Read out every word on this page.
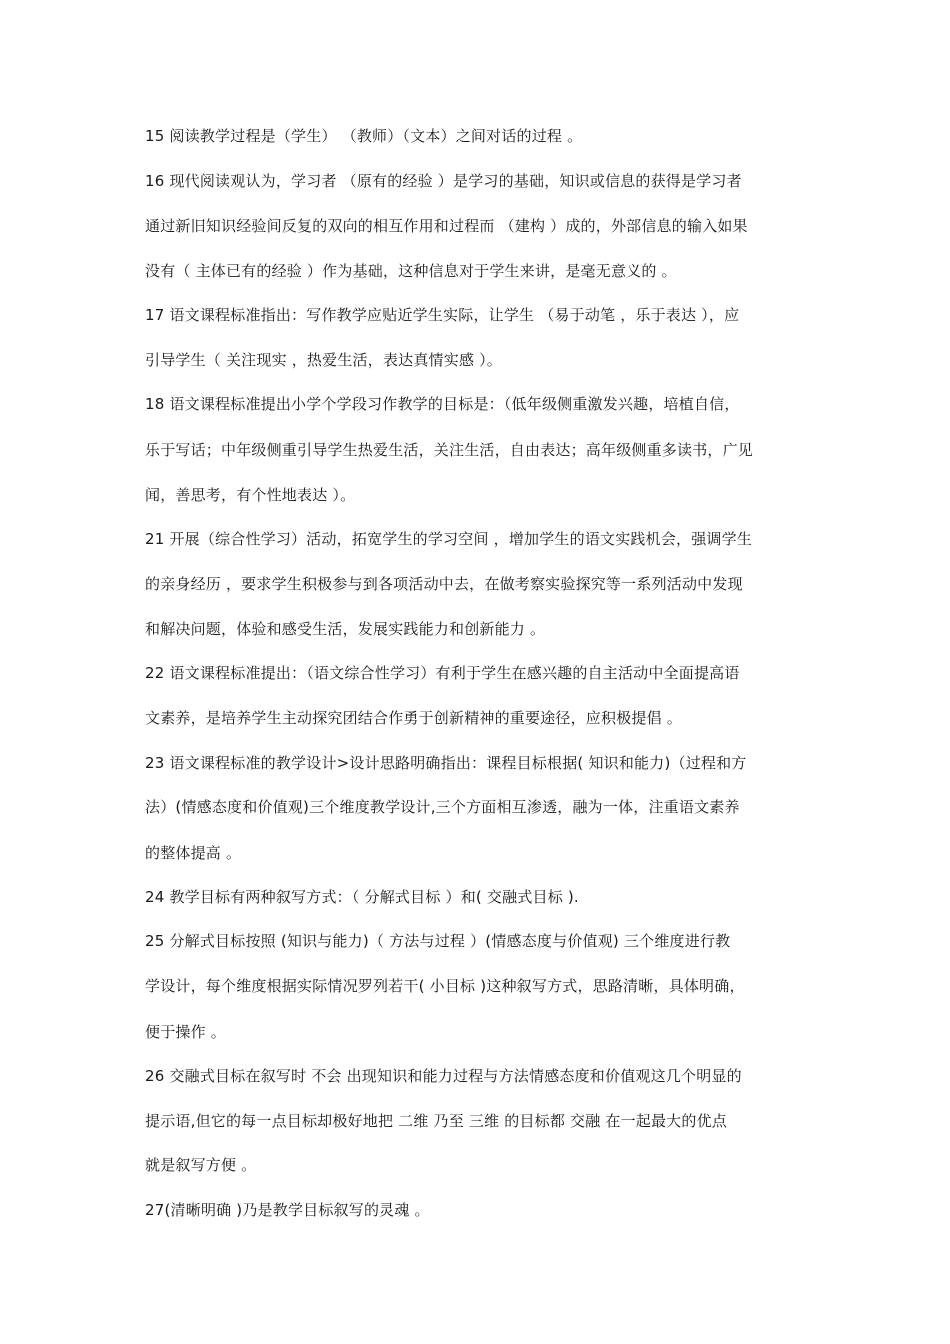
15 阅读教学过程是（学生） （教师）（文本）之间对话的过程 。
16 现代阅读观认为，学习者 （原有的经验 ）是学习的基础，知识或信息的获得是学习者
通过新旧知识经验间反复的双向的相互作用和过程而 （建构 ）成的，外部信息的输入如果
没有（ 主体已有的经验 ）作为基础，这种信息对于学生来讲，是毫无意义的 。
17 语文课程标准指出：写作教学应贴近学生实际，让学生 （易于动笔 ，乐于表达 ），应
引导学生（ 关注现实 ，热爱生活，表达真情实感 ）。
18 语文课程标准提出小学个学段习作教学的目标是：（低年级侧重激发兴趣，培植自信，
乐于写话；中年级侧重引导学生热爱生活，关注生活，自由表达；高年级侧重多读书，广见
闻，善思考，有个性地表达 ）。
21 开展（综合性学习）活动，拓宽学生的学习空间 ，增加学生的语文实践机会，强调学生
的亲身经历 ，要求学生积极参与到各项活动中去，在做考察实验探究等一系列活动中发现
和解决问题，体验和感受生活，发展实践能力和创新能力 。
22 语文课程标准提出：（语文综合性学习）有利于学生在感兴趣的自主活动中全面提高语
文素养，是培养学生主动探究团结合作勇于创新精神的重要途径，应积极提倡 。
23 语文课程标准的教学设计>设计思路明确指出：课程目标根据( 知识和能力)（过程和方
法）(情感态度和价值观)三个维度教学设计,三个方面相互渗透，融为一体，注重语文素养
的整体提高 。
24 教学目标有两种叙写方式：（ 分解式目标 ）和( 交融式目标 ).
25 分解式目标按照 (知识与能力)（ 方法与过程 ）(情感态度与价值观) 三个维度进行教
学设计，每个维度根据实际情况罗列若干( 小目标 )这种叙写方式，思路清晰，具体明确，
便于操作 。
26 交融式目标在叙写时 不会 出现知识和能力过程与方法情感态度和价值观这几个明显的
提示语,但它的每一点目标却极好地把 二维 乃至 三维 的目标都 交融 在一起最大的优点
就是叙写方便 。
27(清晰明确 )乃是教学目标叙写的灵魂 。
